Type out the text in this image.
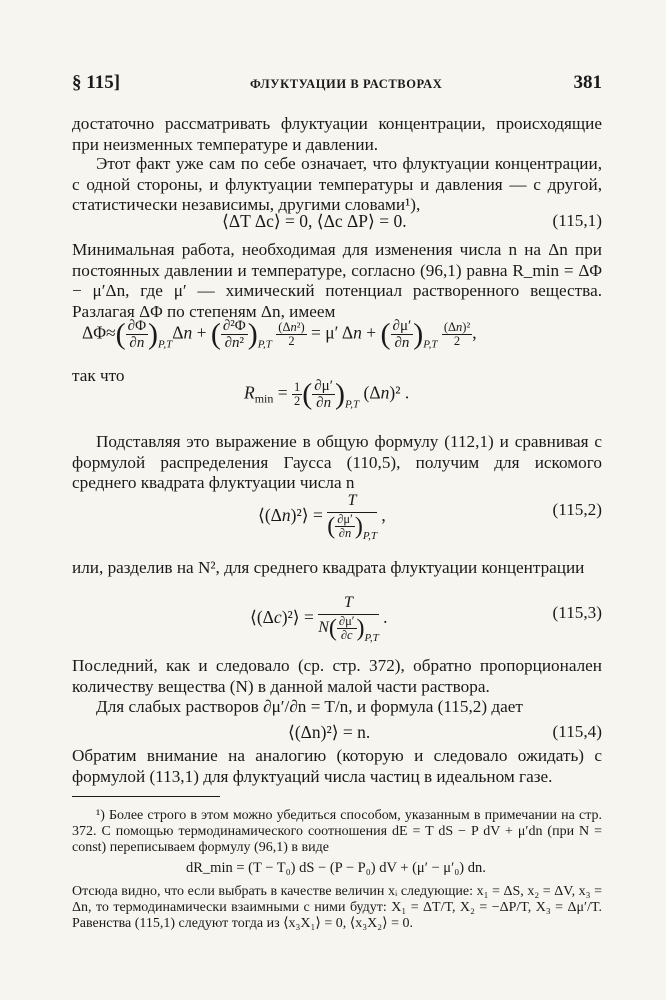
§ 115]	ФЛУКТУАЦИИ В РАСТВОРАХ	381
достаточно рассматривать флуктуации концентрации, происходящие при неизменных температуре и давлении.
Этот факт уже сам по себе означает, что флуктуации концентрации, с одной стороны, и флуктуации температуры и давления — с другой, статистически независимы, другими словами¹),
⟨ΔT Δc⟩ = 0, ⟨Δc ΔP⟩ = 0.	(115,1)
Минимальная работа, необходимая для изменения числа n на Δn при постоянных давлении и температуре, согласно (96,1) равна R_min = ΔΦ − μ′Δn, где μ′ — химический потенциал растворенного вещества. Разлагая ΔΦ по степеням Δn, имеем
$\Delta\Phi\approx( \frac{\partial\Phi}{\partial n} )_{P,T}\Delta n$ + ( $\frac{\text{∂²Φ}}{\text{∂n²}} )_{P,T} \frac{\text{(Δn²)}}{2} = \mu'$ Δn + ( $\frac{\partial\mu'}{\partial n} )_{P,T} \frac{\text{(Δn)²}}{2}$ ,
так что
$R_{min} = \frac{1}{2}$ ( $\frac{\partial\mu'}{\partial n} )_{P,T}$ (Δn)² .
Подставляя это выражение в общую формулу (112,1) и сравнивая с формулой распределения Гаусса (110,5), получим для искомого среднего квадрата флуктуации числа n
⟨(Δn)²⟩ = $\frac{T}{( \frac{\partial\mu'}{\partial n} )_{P,T}}$ ,	(115,2)
или, разделив на N², для среднего квадрата флуктуации концентрации
⟨(Δc)²⟩ = $\frac{T}{N( \frac{\partial\mu'}{\partial c} )_{P,T}}$ .	(115,3)
Последний, как и следовало (ср. стр. 372), обратно пропорционален количеству вещества (N) в данной малой части раствора.
Для слабых растворов ∂μ′/∂n = T/n, и формула (115,2) дает
⟨(Δn)²⟩ = n.	(115,4)
Обратим внимание на аналогию (которую и следовало ожидать) с формулой (113,1) для флуктуаций числа частиц в идеальном газе.
¹) Более строго в этом можно убедиться способом, указанным в примечании на стр. 372. С помощью термодинамического соотношения dE = T dS − P dV + μ′dn (при N = const) переписываем формулу (96,1) в виде
dR_min = (T − T₀) dS − (P − P₀) dV + (μ′ − μ′₀) dn.
Отсюда видно, что если выбрать в качестве величин xᵢ следующие: x₁ = ΔS, x₂ = ΔV, x₃ = Δn, то термодинамически взаимными с ними будут: X₁ = ΔT/T, X₂ = −ΔP/T, X₃ = Δμ′/T. Равенства (115,1) следуют тогда из ⟨x₃X₁⟩ = 0, ⟨x₃X₂⟩ = 0.
